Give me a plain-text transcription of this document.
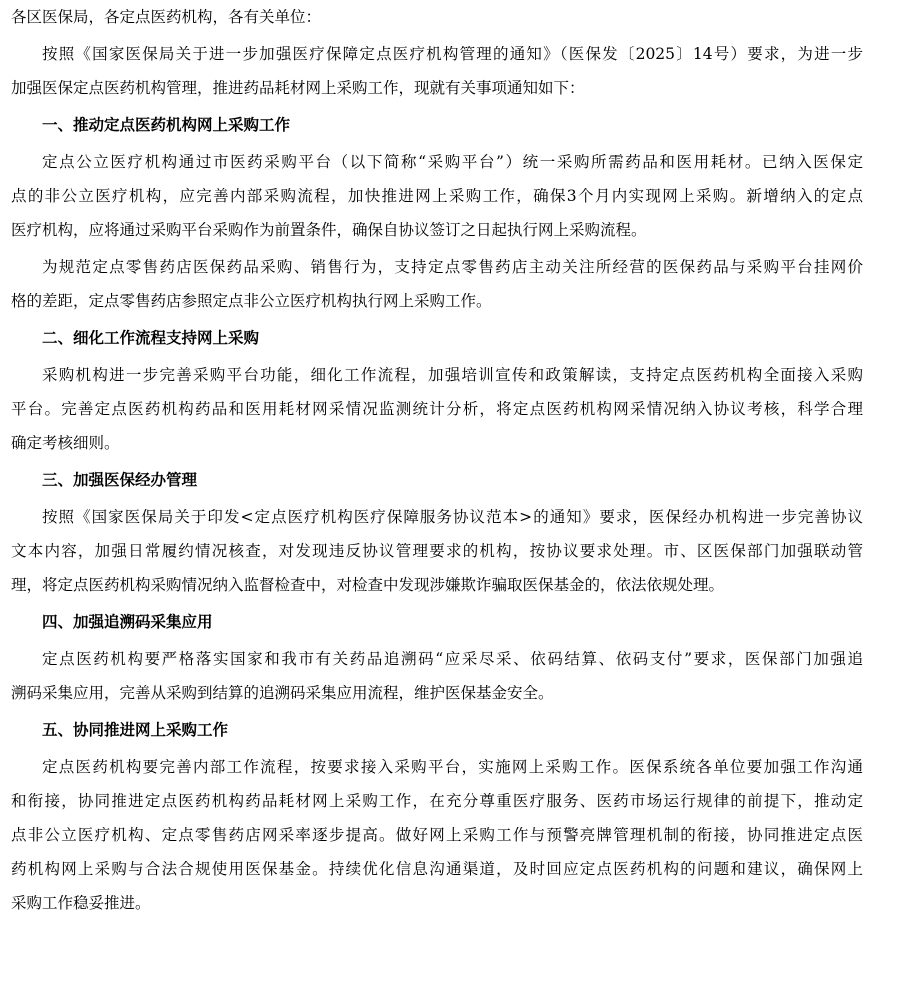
各区医保局，各定点医药机构，各有关单位：
按照《国家医保局关于进一步加强医疗保障定点医疗机构管理的通知》（医保发〔2025〕14号）要求，为进一步
加强医保定点医药机构管理，推进药品耗材网上采购工作，现就有关事项通知如下：
一、推动定点医药机构网上采购工作
定点公立医疗机构通过市医药采购平台（以下简称“采购平台”）统一采购所需药品和医用耗材。已纳入医保定
点的非公立医疗机构，应完善内部采购流程，加快推进网上采购工作，确保3个月内实现网上采购。新增纳入的定点
医疗机构，应将通过采购平台采购作为前置条件，确保自协议签订之日起执行网上采购流程。
为规范定点零售药店医保药品采购、销售行为，支持定点零售药店主动关注所经营的医保药品与采购平台挂网价
格的差距，定点零售药店参照定点非公立医疗机构执行网上采购工作。
二、细化工作流程支持网上采购
采购机构进一步完善采购平台功能，细化工作流程，加强培训宣传和政策解读，支持定点医药机构全面接入采购
平台。完善定点医药机构药品和医用耗材网采情况监测统计分析，将定点医药机构网采情况纳入协议考核，科学合理
确定考核细则。
三、加强医保经办管理
按照《国家医保局关于印发<定点医疗机构医疗保障服务协议范本>的通知》要求，医保经办机构进一步完善协议
文本内容，加强日常履约情况核查，对发现违反协议管理要求的机构，按协议要求处理。市、区医保部门加强联动管
理，将定点医药机构采购情况纳入监督检查中，对检查中发现涉嫌欺诈骗取医保基金的，依法依规处理。
四、加强追溯码采集应用
定点医药机构要严格落实国家和我市有关药品追溯码“应采尽采、依码结算、依码支付”要求，医保部门加强追
溯码采集应用，完善从采购到结算的追溯码采集应用流程，维护医保基金安全。
五、协同推进网上采购工作
定点医药机构要完善内部工作流程，按要求接入采购平台，实施网上采购工作。医保系统各单位要加强工作沟通
和衔接，协同推进定点医药机构药品耗材网上采购工作，在充分尊重医疗服务、医药市场运行规律的前提下，推动定
点非公立医疗机构、定点零售药店网采率逐步提高。做好网上采购工作与预警亮牌管理机制的衔接，协同推进定点医
药机构网上采购与合法合规使用医保基金。持续优化信息沟通渠道，及时回应定点医药机构的问题和建议，确保网上
采购工作稳妥推进。
